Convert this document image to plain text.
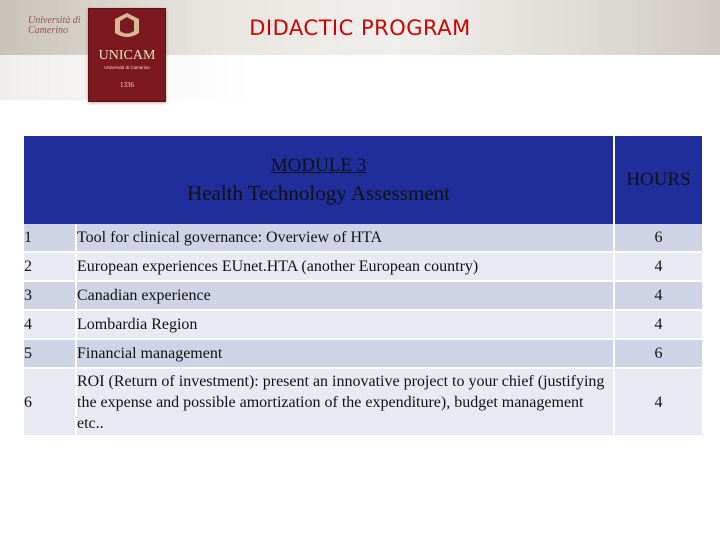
Università di Camerino
UNICAM
Università di Camerino
1336
DIDACTIC PROGRAM
MODULE 3
Health Technology Assessment		HOURS
1	Tool for clinical governance: Overview of HTA	6
2	European experiences EUnet.HTA (another European country)	4
3	Canadian experience	4
4	Lombardia Region	4
5	Financial management	6
6	ROI (Return of investment): present an innovative project to your chief (justifying the expense and possible amortization of the expenditure), budget management etc..	4
